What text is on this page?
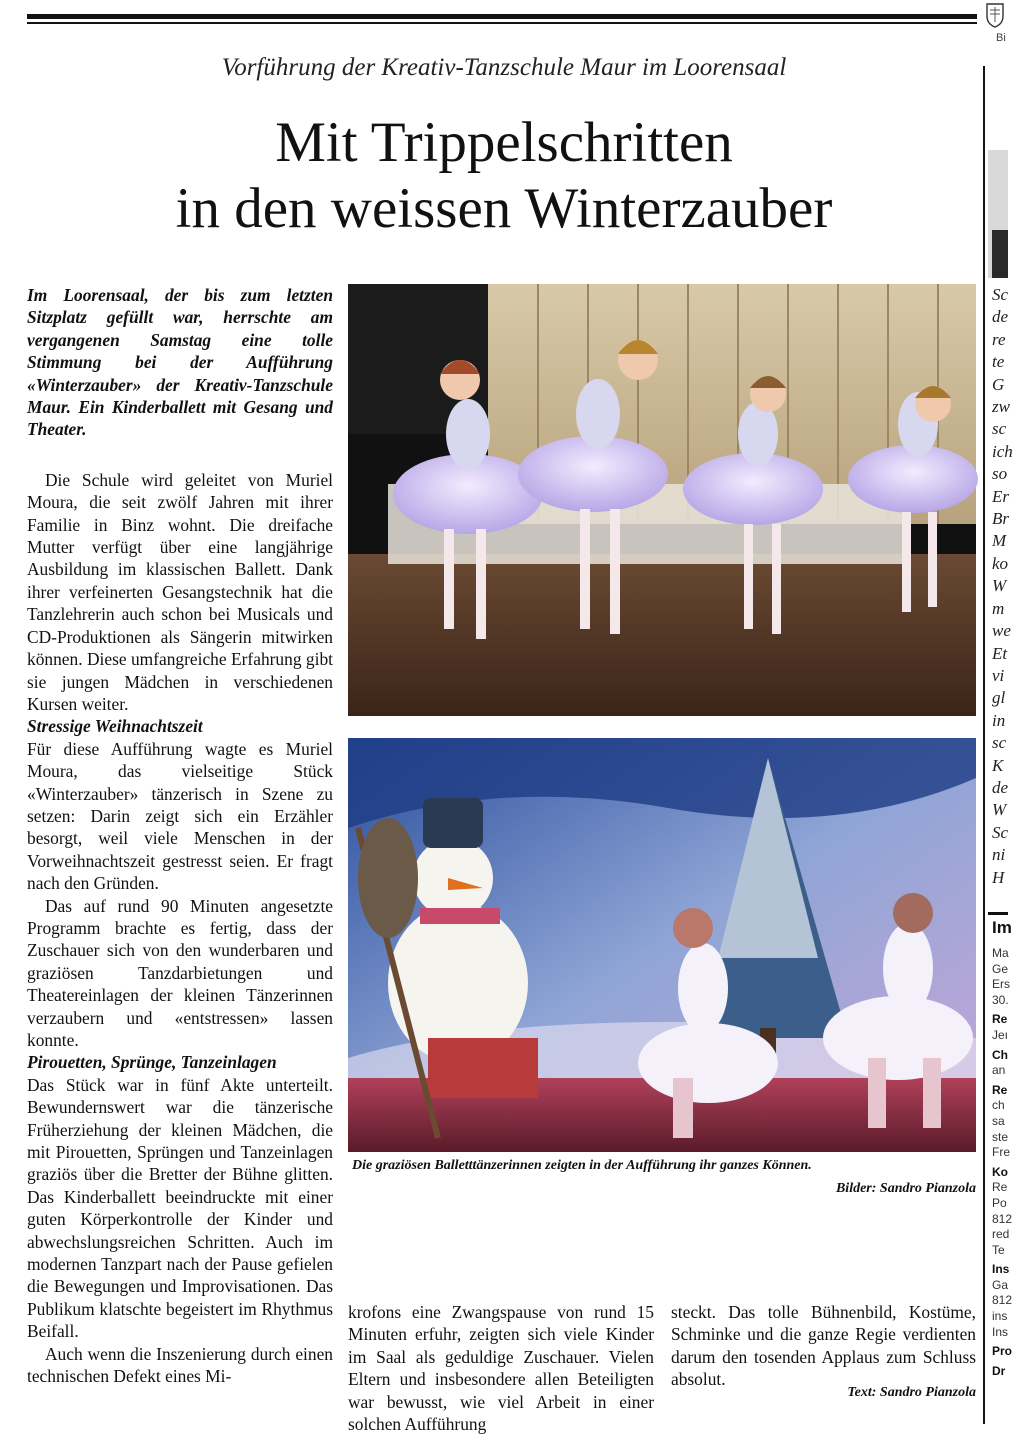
Bi
Vorführung der Kreativ-Tanzschule Maur im Loorensaal
Mit Trippelschritten
in den weissen Winterzauber

Im Loorensaal, der bis zum letzten Sitzplatz gefüllt war, herrschte am vergangenen Samstag eine tolle Stimmung bei der Aufführung «Winterzauber» der Kreativ-Tanzschule Maur. Ein Kinderballett mit Gesang und Theater.

Die Schule wird geleitet von Muriel Moura, die seit zwölf Jahren mit ihrer Familie in Binz wohnt. Die dreifache Mutter verfügt über eine langjährige Ausbildung im klassischen Ballett. Dank ihrer verfeinerten Gesangstechnik hat die Tanzlehrerin auch schon bei Musicals und CD-Produktionen als Sängerin mitwirken können. Diese umfangreiche Erfahrung gibt sie jungen Mädchen in verschiedenen Kursen weiter.

Stressige Weihnachtszeit

Für diese Aufführung wagte es Muriel Moura, das vielseitige Stück «Winterzauber» tänzerisch in Szene zu setzen: Darin zeigt sich ein Erzähler besorgt, weil viele Menschen in der Vorweihnachtszeit gestresst seien. Er fragt nach den Gründen.

Das auf rund 90 Minuten angesetzte Programm brachte es fertig, dass der Zuschauer sich von den wunderbaren und graziösen Tanzdarbietungen und Theatereinlagen der kleinen Tänzerinnen verzaubern und «entstressen» lassen konnte.

Pirouetten, Sprünge, Tanzeinlagen

Das Stück war in fünf Akte unterteilt. Bewundernswert war die tänzerische Früherziehung der kleinen Mädchen, die mit Pirouetten, Sprüngen und Tanzeinlagen graziös über die Bretter der Bühne glitten. Das Kinderballett beeindruckte mit einer guten Körperkontrolle der Kinder und abwechslungsreichen Schritten. Auch im modernen Tanzpart nach der Pause gefielen die Bewegungen und Improvisationen. Das Publikum klatschte begeistert im Rhythmus Beifall.

Auch wenn die Inszenierung durch einen technischen Defekt eines Mi-

Die graziösen Balletttänzerinnen zeigten in der Aufführung ihr ganzes Können.
Bilder: Sandro Pianzola

krofons eine Zwangspause von rund 15 Minuten erfuhr, zeigten sich viele Kinder im Saal als geduldige Zuschauer. Vielen Eltern und insbesondere allen Beteiligten war bewusst, wie viel Arbeit in einer solchen Aufführung

steckt. Das tolle Bühnenbild, Kostüme, Schminke und die ganze Regie verdienten darum den tosenden Applaus zum Schluss absolut.

Text: Sandro Pianzola
Sc
de
re
te
G
zw
sc
ich
so
Er
Br
M
ko
W
m
we
Et
vi
gl
in
sc
K
de
W
Sc
ni
H
Im
Ma
Ge
Ers
30.
Re
Jeı
Ch
an
Re
ch
sa
ste
Fre
Ko
Re
Po
812
red
Te
Ins
Ga
812
ins
Ins
Pro
Dr
